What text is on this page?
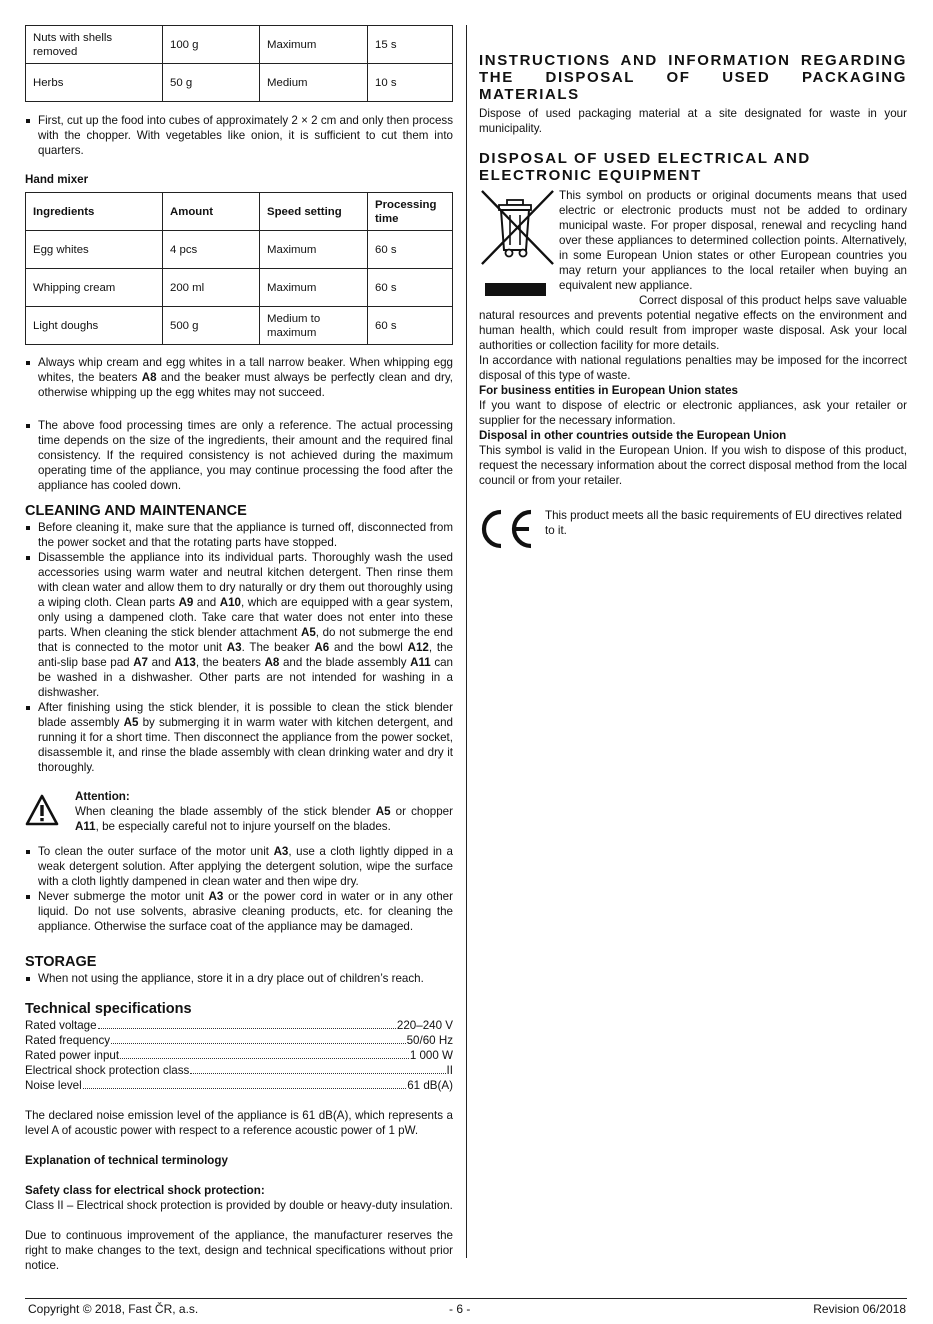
Nuts with shells removed	100 g	Maximum	15 s
Herbs	50 g	Medium	10 s
First, cut up the food into cubes of approximately 2 × 2 cm and only then process with the chopper. With vegetables like onion, it is sufficient to cut them into quarters.
Hand mixer
Ingredients	Amount	Speed setting	Processing time
Egg whites	4 pcs	Maximum	60 s
Whipping cream	200 ml	Maximum	60 s
Light doughs	500 g	Medium to maximum	60 s
Always whip cream and egg whites in a tall narrow beaker. When whipping egg whites, the beaters A8 and the beaker must always be perfectly clean and dry, otherwise whipping up the egg whites may not succeed.
The above food processing times are only a reference. The actual processing time depends on the size of the ingredients, their amount and the required final consistency. If the required consistency is not achieved during the maximum operating time of the appliance, you may continue processing the food after the appliance has cooled down.
CLEANING AND MAINTENANCE
Before cleaning it, make sure that the appliance is turned off, disconnected from the power socket and that the rotating parts have stopped.
Disassemble the appliance into its individual parts. Thoroughly wash the used accessories using warm water and neutral kitchen detergent. Then rinse them with clean water and allow them to dry naturally or dry them out thoroughly using a wiping cloth. Clean parts A9 and A10, which are equipped with a gear system, only using a dampened cloth. Take care that water does not enter into these parts. When cleaning the stick blender attachment A5, do not submerge the end that is connected to the motor unit A3. The beaker A6 and the bowl A12, the anti-slip base pad A7 and A13, the beaters A8 and the blade assembly A11 can be washed in a dishwasher. Other parts are not intended for washing in a dishwasher.
After finishing using the stick blender, it is possible to clean the stick blender blade assembly A5 by submerging it in warm water with kitchen detergent, and running it for a short time. Then disconnect the appliance from the power socket, disassemble it, and rinse the blade assembly with clean drinking water and dry it thoroughly.
Attention:

When cleaning the blade assembly of the stick blender A5 or chopper A11, be especially careful not to injure yourself on the blades.

To clean the outer surface of the motor unit A3, use a cloth lightly dipped in a weak detergent solution. After applying the detergent solution, wipe the surface with a cloth lightly dampened in clean water and then wipe dry.
Never submerge the motor unit A3 or the power cord in water or in any other liquid. Do not use solvents, abrasive cleaning products, etc. for cleaning the appliance. Otherwise the surface coat of the appliance may be damaged.
STORAGE
When not using the appliance, store it in a dry place out of children’s reach.
Technical specifications
Rated voltage	220–240 V
Rated frequency	50/60 Hz
Rated power input	1 000 W
Electrical shock protection class	II
Noise level	61 dB(A)

The declared noise emission level of the appliance is 61 dB(A), which represents a level A of acoustic power with respect to a reference acoustic power of 1 pW.

Explanation of technical terminology
Safety class for electrical shock protection:

Class II – Electrical shock protection is provided by double or heavy-duty insulation.

Due to continuous improvement of the appliance, the manufacturer reserves the right to make changes to the text, design and technical specifications without prior notice.

INSTRUCTIONS AND INFORMATION REGARDING THE DISPOSAL OF USED PACKAGING MATERIALS

Dispose of used packaging material at a site designated for waste in your municipality.

DISPOSAL OF USED ELECTRICAL AND ELECTRONIC EQUIPMENT

This symbol on products or original documents means that used electric or electronic products must not be added to ordinary municipal waste. For proper disposal, renewal and recycling hand over these appliances to determined collection points. Alternatively, in some European Union states or other European countries you may return your appliances to the local retailer when buying an equivalent new appliance.

Correct disposal of this product helps save valuable natural resources and prevents potential negative effects on the environment and human health, which could result from improper waste disposal. Ask your local authorities or collection facility for more details.

In accordance with national regulations penalties may be imposed for the incorrect disposal of this type of waste.

For business entities in European Union states

If you want to dispose of electric or electronic appliances, ask your retailer or supplier for the necessary information.

Disposal in other countries outside the European Union

This symbol is valid in the European Union. If you wish to dispose of this product, request the necessary information about the correct disposal method from the local council or from your retailer.

This product meets all the basic requirements of EU directives related to it.

Copyright © 2018, Fast ČR, a.s.	- 6 -	Revision 06/2018
